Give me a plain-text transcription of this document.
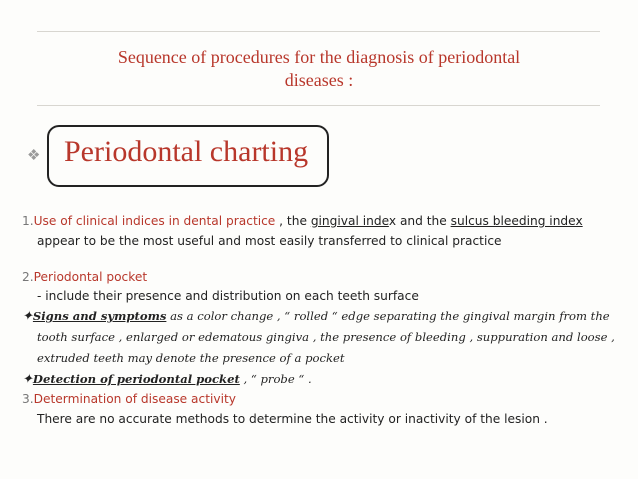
Sequence of procedures for the diagnosis of periodontal
diseases :
❖ Periodontal charting
1.Use of clinical indices in dental practice , the gingival index and the sulcus bleeding index
appear to be the most useful and most easily transferred to clinical practice
2.Periodontal pocket
- include their presence and distribution on each teeth surface
✦Signs and symptoms as a color change , “ rolled “ edge separating the gingival margin from the
tooth surface , enlarged or edematous gingiva , the presence of bleeding , suppuration and loose ,
extruded teeth may denote the presence of a pocket
✦Detection of periodontal pocket , “ probe “ .
3.Determination of disease activity
There are no accurate methods to determine the activity or inactivity of the lesion .
